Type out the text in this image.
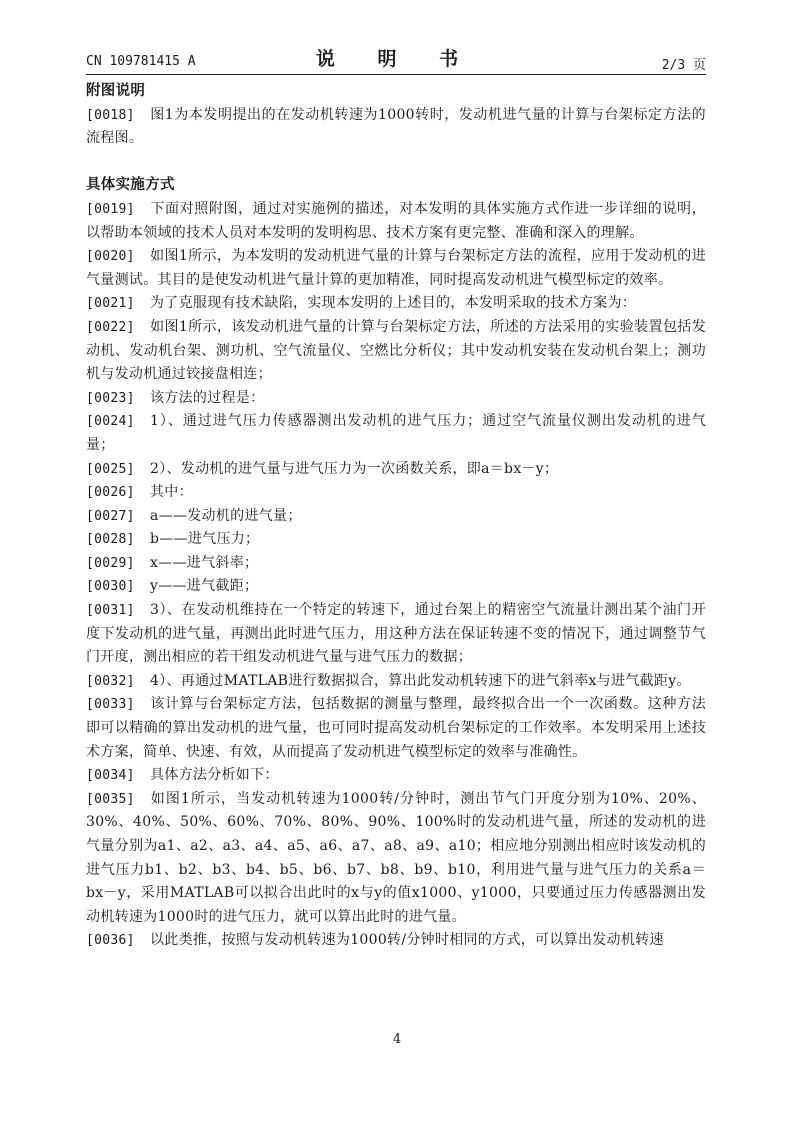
CN 109781415 A	说 明 书	2/3 页
附图说明
[0018] 图1为本发明提出的在发动机转速为1000转时，发动机进气量的计算与台架标定方法的流程图。
具体实施方式
[0019] 下面对照附图，通过对实施例的描述，对本发明的具体实施方式作进一步详细的说明，以帮助本领域的技术人员对本发明的发明构思、技术方案有更完整、准确和深入的理解。
[0020] 如图1所示，为本发明的发动机进气量的计算与台架标定方法的流程，应用于发动机的进气量测试。其目的是使发动机进气量计算的更加精准，同时提高发动机进气模型标定的效率。
[0021] 为了克服现有技术缺陷，实现本发明的上述目的，本发明采取的技术方案为：
[0022] 如图1所示，该发动机进气量的计算与台架标定方法，所述的方法采用的实验装置包括发动机、发动机台架、测功机、空气流量仪、空燃比分析仪；其中发动机安装在发动机台架上；测功机与发动机通过铰接盘相连；
[0023] 该方法的过程是：
[0024] 1）、通过进气压力传感器测出发动机的进气压力；通过空气流量仪测出发动机的进气量；
[0025] 2）、发动机的进气量与进气压力为一次函数关系，即a＝bx－y；
[0026] 其中：
[0027] a——发动机的进气量；
[0028] b——进气压力；
[0029] x——进气斜率；
[0030] y——进气截距；
[0031] 3）、在发动机维持在一个特定的转速下，通过台架上的精密空气流量计测出某个油门开度下发动机的进气量，再测出此时进气压力，用这种方法在保证转速不变的情况下，通过调整节气门开度，测出相应的若干组发动机进气量与进气压力的数据；
[0032] 4）、再通过MATLAB进行数据拟合，算出此发动机转速下的进气斜率x与进气截距y。
[0033] 该计算与台架标定方法，包括数据的测量与整理，最终拟合出一个一次函数。这种方法即可以精确的算出发动机的进气量，也可同时提高发动机台架标定的工作效率。本发明采用上述技术方案，简单、快速、有效，从而提高了发动机进气模型标定的效率与准确性。
[0034] 具体方法分析如下：
[0035] 如图1所示，当发动机转速为1000转/分钟时，测出节气门开度分别为10%、20%、30%、40%、50%、60%、70%、80%、90%、100%时的发动机进气量，所述的发动机的进气量分别为a1、a2、a3、a4、a5、a6、a7、a8、a9、a10；相应地分别测出相应时该发动机的进气压力b1、b2、b3、b4、b5、b6、b7、b8、b9、b10，利用进气量与进气压力的关系a＝bx－y，采用MATLAB可以拟合出此时的x与y的值x1000、y1000，只要通过压力传感器测出发动机转速为1000时的进气压力，就可以算出此时的进气量。
[0036] 以此类推，按照与发动机转速为1000转/分钟时相同的方式，可以算出发动机转速
4
